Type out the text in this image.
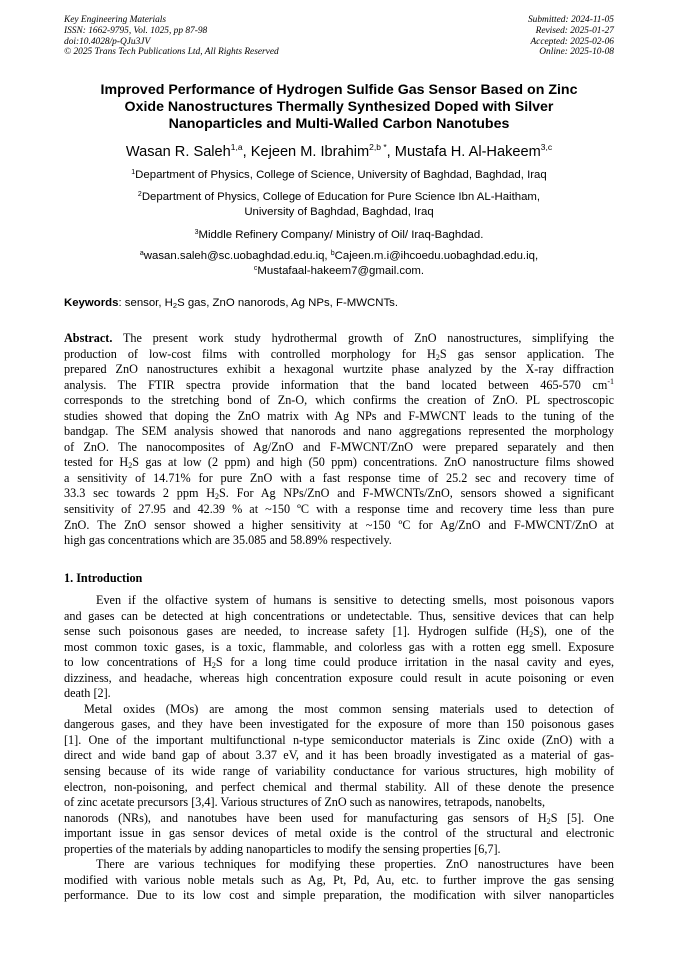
Key Engineering Materials
ISSN: 1662-9795, Vol. 1025, pp 87-98
doi:10.4028/p-QJu3JV
© 2025 Trans Tech Publications Ltd, All Rights Reserved
Submitted: 2024-11-05
Revised: 2025-01-27
Accepted: 2025-02-06
Online: 2025-10-08
Improved Performance of Hydrogen Sulfide Gas Sensor Based on Zinc
Oxide Nanostructures Thermally Synthesized Doped with Silver
Nanoparticles and Multi-Walled Carbon Nanotubes
Wasan R. Saleh$^{1,a}$, Kejeen M. Ibrahim$^{2,b *}$, Mustafa H. Al-Hakeem$^{3,c}$
$^1$Department of Physics, College of Science, University of Baghdad, Baghdad, Iraq
$^2$Department of Physics, College of Education for Pure Science Ibn AL-Haitham,
University of Baghdad, Baghdad, Iraq
$^3$Middle Refinery Company/ Ministry of Oil/ Iraq-Baghdad.
$^a$wasan.saleh@sc.uobaghdad.edu.iq, $^b$Cajeen.m.i@ihcoedu.uobaghdad.edu.iq,
$^c$Mustafaal-hakeem7@gmail.com.
Keywords: sensor, $H_2S$ gas, ZnO nanorods, Ag NPs, F-MWCNTs.
Abstract. The present work study hydrothermal growth of ZnO nanostructures, simplifying the
production of low-cost films with controlled morphology for $H_2S$ gas sensor application. The
prepared ZnO nanostructures exhibit a hexagonal wurtzite phase analyzed by the X-ray diffraction
analysis. The FTIR spectra provide information that the band located between 465-570 $cm^{-1}$
corresponds to the stretching bond of Zn-O, which confirms the creation of ZnO. PL spectroscopic
studies showed that doping the ZnO matrix with Ag NPs and F-MWCNT leads to the tuning of the
bandgap. The SEM analysis showed that nanorods and nano aggregations represented the morphology
of ZnO. The nanocomposites of Ag/ZnO and F-MWCNT/ZnO were prepared separately and then
tested for $H_2S$ gas at low (2 ppm) and high (50 ppm) concentrations. ZnO nanostructure films showed
a sensitivity of 14.71% for pure ZnO with a fast response time of 25.2 sec and recovery time of
33.3 sec towards 2 ppm $H_2S$. For Ag NPs/ZnO and F-MWCNTs/ZnO, sensors showed a significant
sensitivity of 27.95 and 42.39 % at ~150 ºC with a response time and recovery time less than pure
ZnO. The ZnO sensor showed a higher sensitivity at ~150 ºC for Ag/ZnO and F-MWCNT/ZnO at
high gas concentrations which are 35.085 and 58.89% respectively.
1. Introduction
Even if the olfactive system of humans is sensitive to detecting smells, most poisonous vapors
and gases can be detected at high concentrations or undetectable. Thus, sensitive devices that can help
sense such poisonous gases are needed, to increase safety [1]. Hydrogen sulfide $(H_2S)$, one of the
most common toxic gases, is a toxic, flammable, and colorless gas with a rotten egg smell. Exposure
to low concentrations of $H_2S$ for a long time could produce irritation in the nasal cavity and eyes,
dizziness, and headache, whereas high concentration exposure could result in acute poisoning or even
death [2].
Metal oxides (MOs) are among the most common sensing materials used to detection of
dangerous gases, and they have been investigated for the exposure of more than 150 poisonous gases
[1]. One of the important multifunctional n-type semiconductor materials is Zinc oxide (ZnO) with a
direct and wide band gap of about 3.37 eV, and it has been broadly investigated as a material of gas-
sensing because of its wide range of variability conductance for various structures, high mobility of
electron, non-poisoning, and perfect chemical and thermal stability. All of these denote the presence
of zinc acetate precursors [3,4]. Various structures of ZnO such as nanowires, tetrapods, nanobelts,
nanorods (NRs), and nanotubes have been used for manufacturing gas sensors of $H_2S$ [5]. One
important issue in gas sensor devices of metal oxide is the control of the structural and electronic
properties of the materials by adding nanoparticles to modify the sensing properties [6,7].
There are various techniques for modifying these properties. ZnO nanostructures have been
modified with various noble metals such as Ag, Pt, Pd, Au, etc. to further improve the gas sensing
performance. Due to its low cost and simple preparation, the modification with silver nanoparticles
